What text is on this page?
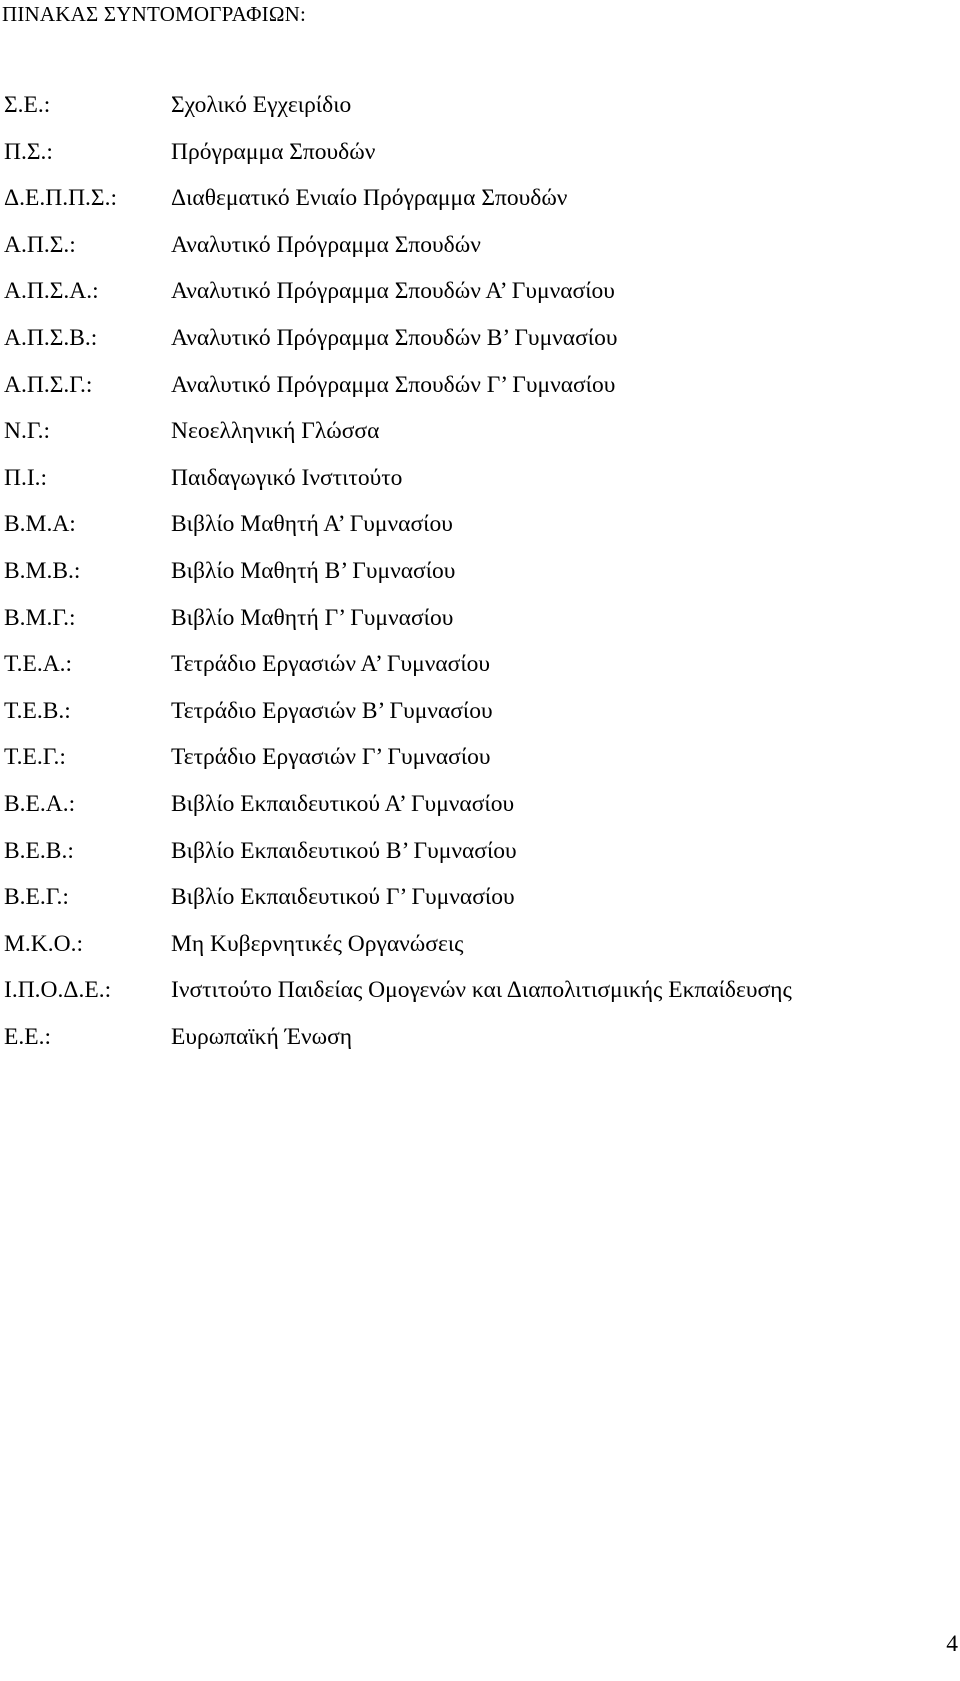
ΠΙΝΑΚΑΣ ΣΥΝΤΟΜΟΓΡΑΦΙΩΝ:
Σ.Ε.:	Σχολικό Εγχειρίδιο
Π.Σ.:	Πρόγραμμα Σπουδών
Δ.Ε.Π.Π.Σ.:	Διαθεματικό Ενιαίο Πρόγραμμα Σπουδών
Α.Π.Σ.:	Αναλυτικό Πρόγραμμα Σπουδών
Α.Π.Σ.Α.:	Αναλυτικό Πρόγραμμα Σπουδών Α’ Γυμνασίου
Α.Π.Σ.Β.:	Αναλυτικό Πρόγραμμα Σπουδών Β’ Γυμνασίου
Α.Π.Σ.Γ.:	Αναλυτικό Πρόγραμμα Σπουδών Γ’ Γυμνασίου
Ν.Γ.:	Νεοελληνική Γλώσσα
Π.Ι.:	Παιδαγωγικό Ινστιτούτο
Β.Μ.Α:	Βιβλίο Μαθητή Α’ Γυμνασίου
Β.Μ.Β.:	Βιβλίο Μαθητή Β’ Γυμνασίου
Β.Μ.Γ.:	Βιβλίο Μαθητή Γ’ Γυμνασίου
Τ.Ε.Α.:	Τετράδιο Εργασιών Α’ Γυμνασίου
Τ.Ε.Β.:	Τετράδιο Εργασιών Β’ Γυμνασίου
Τ.Ε.Γ.:	Τετράδιο Εργασιών Γ’ Γυμνασίου
Β.Ε.Α.:	Βιβλίο Εκπαιδευτικού Α’ Γυμνασίου
Β.Ε.Β.:	Βιβλίο Εκπαιδευτικού Β’ Γυμνασίου
Β.Ε.Γ.:	Βιβλίο Εκπαιδευτικού Γ’ Γυμνασίου
Μ.Κ.Ο.:	Μη Κυβερνητικές Οργανώσεις
Ι.Π.Ο.Δ.Ε.:	Ινστιτούτο Παιδείας Ομογενών και Διαπολιτισμικής Εκπαίδευσης
Ε.Ε.:	Ευρωπαϊκή Ένωση
4
